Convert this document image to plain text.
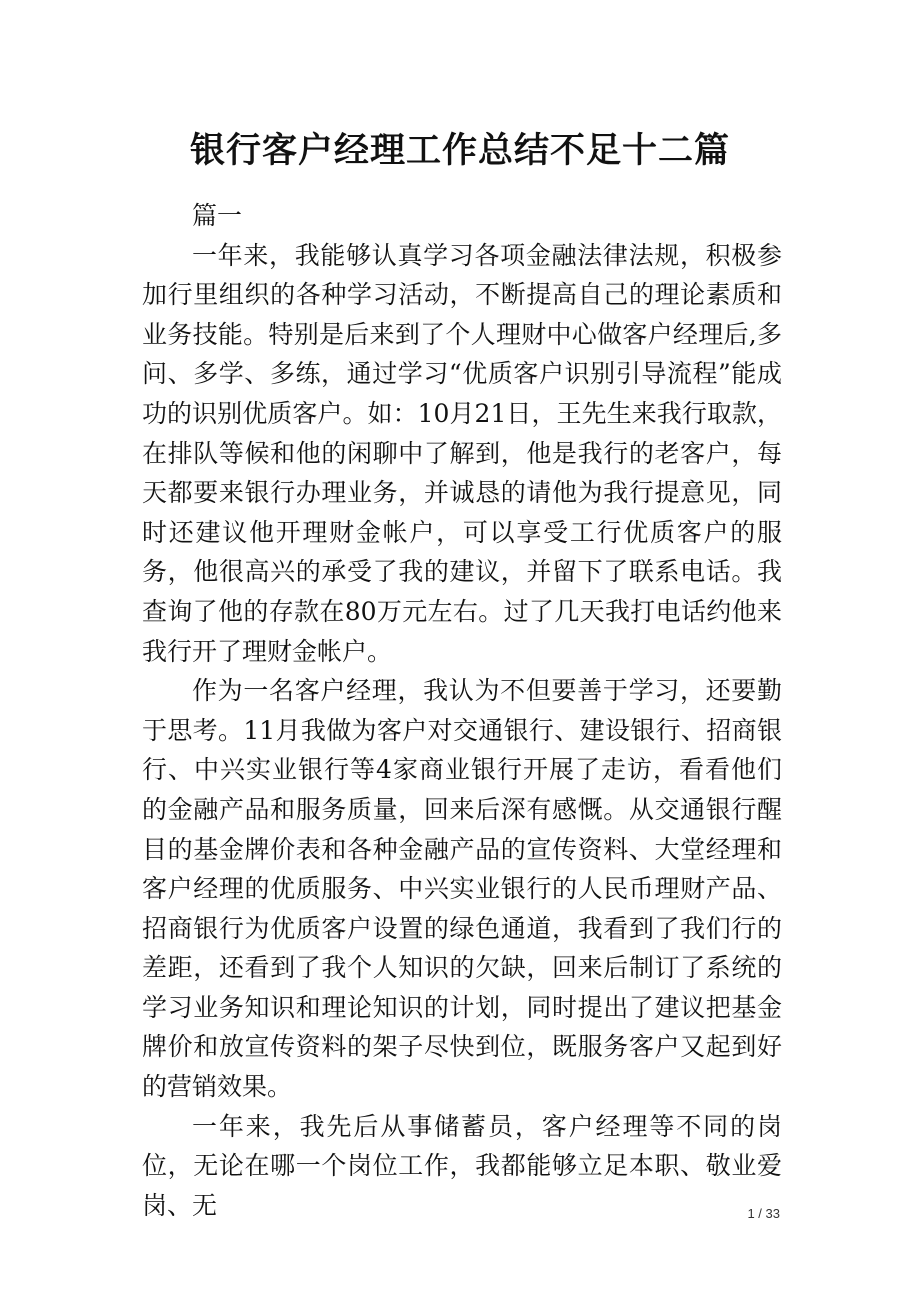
银行客户经理工作总结不足十二篇

篇一

一年来，我能够认真学习各项金融法律法规，积极参加行里组织的各种学习活动，不断提高自己的理论素质和业务技能。特别是后来到了个人理财中心做客户经理后,多问、多学、多练，通过学习“优质客户识别引导流程”能成功的识别优质客户。如：10月21日，王先生来我行取款，在排队等候和他的闲聊中了解到，他是我行的老客户，每天都要来银行办理业务，并诚恳的请他为我行提意见，同时还建议他开理财金帐户，可以享受工行优质客户的服务，他很高兴的承受了我的建议，并留下了联系电话。我查询了他的存款在80万元左右。过了几天我打电话约他来我行开了理财金帐户。

作为一名客户经理，我认为不但要善于学习，还要勤于思考。11月我做为客户对交通银行、建设银行、招商银行、中兴实业银行等4家商业银行开展了走访，看看他们的金融产品和服务质量，回来后深有感慨。从交通银行醒目的基金牌价表和各种金融产品的宣传资料、大堂经理和客户经理的优质服务、中兴实业银行的人民币理财产品、招商银行为优质客户设置的绿色通道，我看到了我们行的差距，还看到了我个人知识的欠缺，回来后制订了系统的学习业务知识和理论知识的计划，同时提出了建议把基金牌价和放宣传资料的架子尽快到位，既服务客户又起到好的营销效果。

一年来，我先后从事储蓄员，客户经理等不同的岗位，无论在哪一个岗位工作，我都能够立足本职、敬业爱岗、无	1 / 33
